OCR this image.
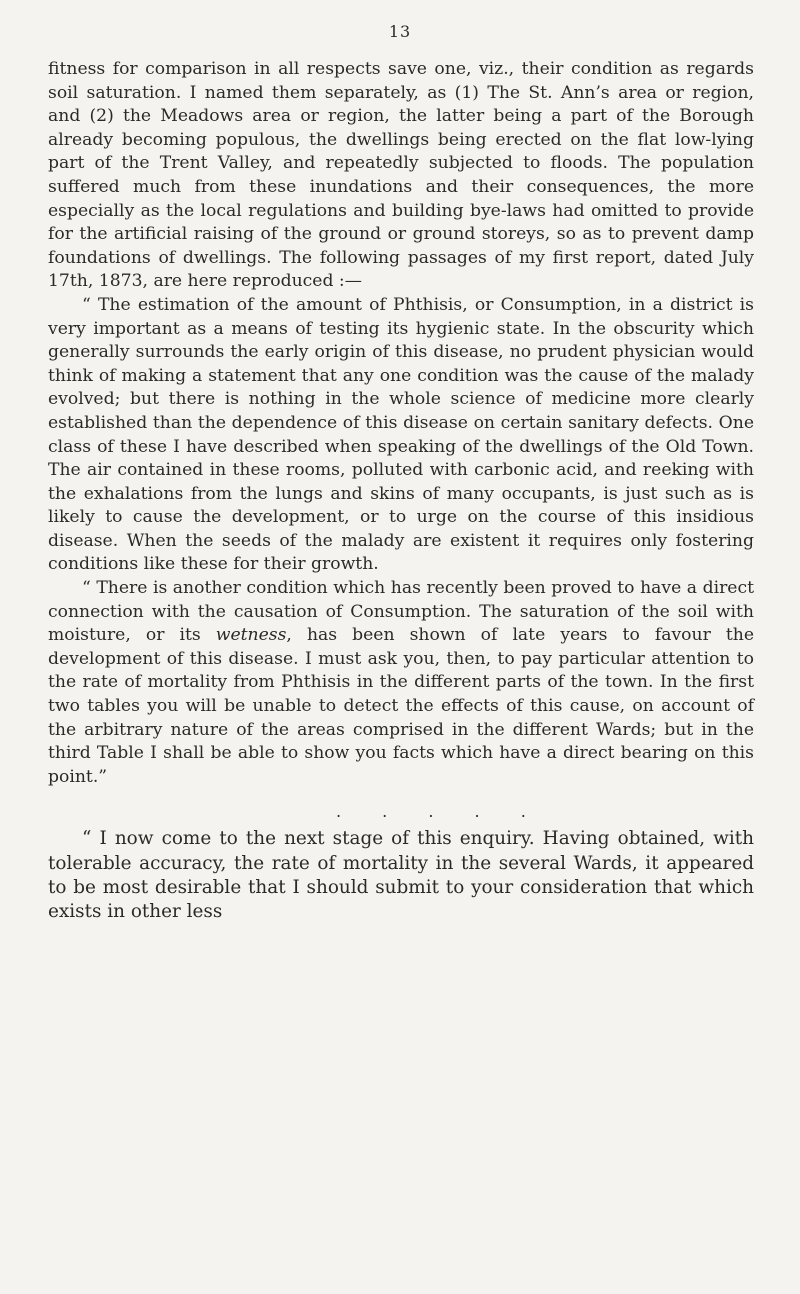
13

fitness for comparison in all respects save one, viz., their condition as regards soil saturation. I named them separately, as (1) The St. Ann’s area or region, and (2) the Meadows area or region, the latter being a part of the Borough already becoming populous, the dwellings being erected on the flat low-lying part of the Trent Valley, and repeatedly subjected to floods. The population suffered much from these inundations and their consequences, the more especially as the local regulations and building bye-laws had omitted to provide for the artificial raising of the ground or ground storeys, so as to prevent damp foundations of dwellings. The following passages of my first report, dated July 17th, 1873, are here reproduced :—

“ The estimation of the amount of Phthisis, or Consumption, in a district is very important as a means of testing its hygienic state. In the obscurity which generally surrounds the early origin of this disease, no prudent physician would think of making a statement that any one condition was the cause of the malady evolved; but there is nothing in the whole science of medicine more clearly established than the dependence of this disease on certain sanitary defects. One class of these I have described when speaking of the dwellings of the Old Town. The air contained in these rooms, polluted with carbonic acid, and reeking with the exhalations from the lungs and skins of many occupants, is just such as is likely to cause the development, or to urge on the course of this insidious disease. When the seeds of the malady are existent it requires only fostering conditions like these for their growth.

“ There is another condition which has recently been proved to have a direct connection with the causation of Consumption. The saturation of the soil with moisture, or its wetness, has been shown of late years to favour the development of this disease. I must ask you, then, to pay particular attention to the rate of mortality from Phthisis in the different parts of the town. In the first two tables you will be unable to detect the effects of this cause, on account of the arbitrary nature of the areas comprised in the different Wards; but in the third Table I shall be able to show you facts which have a direct bearing on this point.”

. . . . .

“ I now come to the next stage of this enquiry. Having obtained, with tolerable accuracy, the rate of mortality in the several Wards, it appeared to be most desirable that I should submit to your consideration that which exists in other less
